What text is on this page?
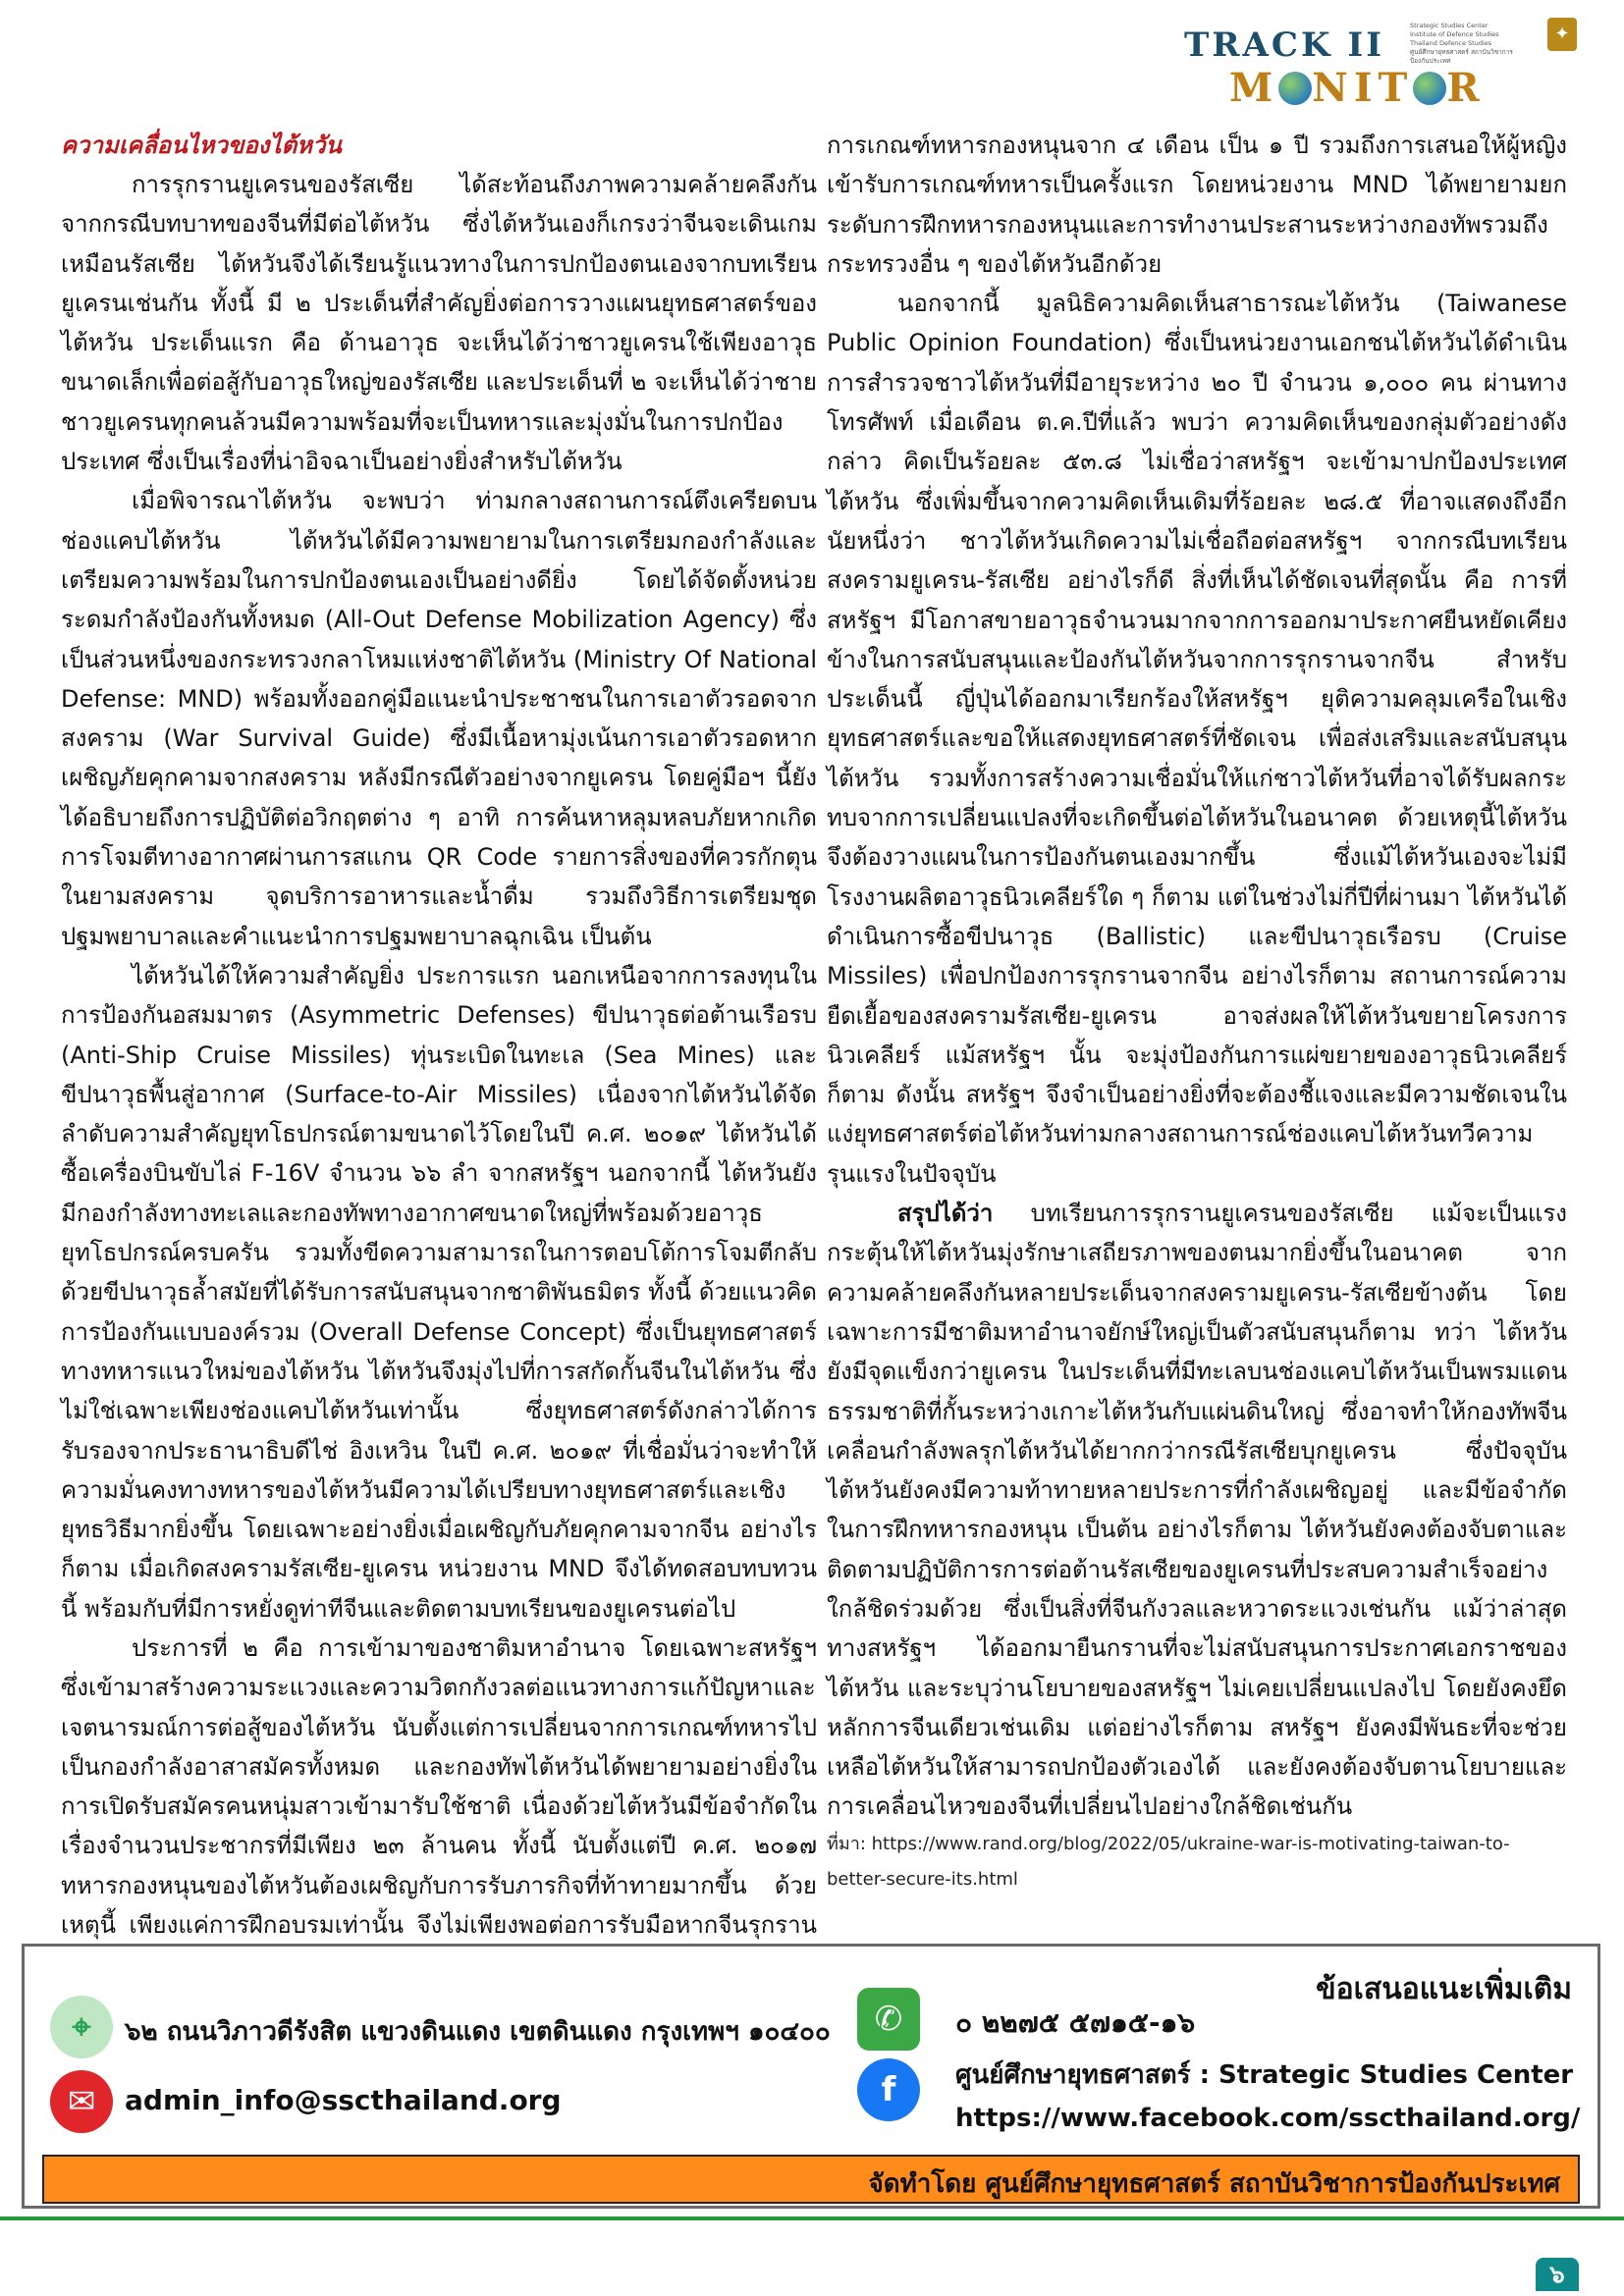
TRACK II
M NIT R
Strategic Studies Center
Institute of Defence Studies
Thailand Defence Studies
ศูนย์ศึกษายุทธศาสตร์ สถาบันวิชาการป้องกันประเทศ
✦
ความเคลื่อนไหวของไต้หวัน

การรุกรานยูเครนของรัสเซีย ได้สะท้อนถึงภาพความคล้ายคลึงกันจากกรณีบทบาทของจีนที่มีต่อไต้หวัน ซึ่งไต้หวันเองก็เกรงว่าจีนจะเดินเกมเหมือนรัสเซีย ไต้หวันจึงได้เรียนรู้แนวทางในการปกป้องตนเองจากบทเรียนยูเครนเช่นกัน ทั้งนี้ มี ๒ ประเด็นที่สำคัญยิ่งต่อการวางแผนยุทธศาสตร์ของไต้หวัน ประเด็นแรก คือ ด้านอาวุธ จะเห็นได้ว่าชาวยูเครนใช้เพียงอาวุธขนาดเล็กเพื่อต่อสู้กับอาวุธใหญ่ของรัสเซีย และประเด็นที่ ๒ จะเห็นได้ว่าชายชาวยูเครนทุกคนล้วนมีความพร้อมที่จะเป็นทหารและมุ่งมั่นในการปกป้องประเทศ ซึ่งเป็นเรื่องที่น่าอิจฉาเป็นอย่างยิ่งสำหรับไต้หวัน

เมื่อพิจารณาไต้หวัน จะพบว่า ท่ามกลางสถานการณ์ตึงเครียดบนช่องแคบไต้หวัน ไต้หวันได้มีความพยายามในการเตรียมกองกำลังและเตรียมความพร้อมในการปกป้องตนเองเป็นอย่างดียิ่ง โดยได้จัดตั้งหน่วยระดมกำลังป้องกันทั้งหมด (All-Out Defense Mobilization Agency) ซึ่งเป็นส่วนหนึ่งของกระทรวงกลาโหมแห่งชาติไต้หวัน (Ministry Of National Defense: MND) พร้อมทั้งออกคู่มือแนะนำประชาชนในการเอาตัวรอดจากสงคราม (War Survival Guide) ซึ่งมีเนื้อหามุ่งเน้นการเอาตัวรอดหากเผชิญภัยคุกคามจากสงคราม หลังมีกรณีตัวอย่างจากยูเครน โดยคู่มือฯ นี้ยังได้อธิบายถึงการปฏิบัติต่อวิกฤตต่าง ๆ อาทิ การค้นหาหลุมหลบภัยหากเกิดการโจมตีทางอากาศผ่านการสแกน QR Code รายการสิ่งของที่ควรกักตุนในยามสงคราม จุดบริการอาหารและน้ำดื่ม รวมถึงวิธีการเตรียมชุดปฐมพยาบาลและคำแนะนำการปฐมพยาบาลฉุกเฉิน เป็นต้น

ไต้หวันได้ให้ความสำคัญยิ่ง ประการแรก นอกเหนือจากการลงทุนในการป้องกันอสมมาตร (Asymmetric Defenses) ขีปนาวุธต่อต้านเรือรบ (Anti-Ship Cruise Missiles) ทุ่นระเบิดในทะเล (Sea Mines) และขีปนาวุธพื้นสู่อากาศ (Surface-to-Air Missiles) เนื่องจากไต้หวันได้จัดลำดับความสำคัญยุทโธปกรณ์ตามขนาดไว้โดยในปี ค.ศ. ๒๐๑๙ ไต้หวันได้ซื้อเครื่องบินขับไล่ F-16V จำนวน ๖๖ ลำ จากสหรัฐฯ นอกจากนี้ ไต้หวันยังมีกองกำลังทางทะเลและกองทัพทางอากาศขนาดใหญ่ที่พร้อมด้วยอาวุธยุทโธปกรณ์ครบครัน รวมทั้งขีดความสามารถในการตอบโต้การโจมตีกลับด้วยขีปนาวุธล้ำสมัยที่ได้รับการสนับสนุนจากชาติพันธมิตร ทั้งนี้ ด้วยแนวคิดการป้องกันแบบองค์รวม (Overall Defense Concept) ซึ่งเป็นยุทธศาสตร์ทางทหารแนวใหม่ของไต้หวัน ไต้หวันจึงมุ่งไปที่การสกัดกั้นจีนในไต้หวัน ซึ่งไม่ใช่เฉพาะเพียงช่องแคบไต้หวันเท่านั้น ซึ่งยุทธศาสตร์ดังกล่าวได้การรับรองจากประธานาธิบดีไช่ อิงเหวิน ในปี ค.ศ. ๒๐๑๙ ที่เชื่อมั่นว่าจะทำให้ความมั่นคงทางทหารของไต้หวันมีความได้เปรียบทางยุทธศาสตร์และเชิงยุทธวิธีมากยิ่งขึ้น โดยเฉพาะอย่างยิ่งเมื่อเผชิญกับภัยคุกคามจากจีน อย่างไรก็ตาม เมื่อเกิดสงครามรัสเซีย-ยูเครน หน่วยงาน MND จึงได้ทดสอบทบทวนนี้ พร้อมกับที่มีการหยั่งดูท่าทีจีนและติดตามบทเรียนของยูเครนต่อไป

ประการที่ ๒ คือ การเข้ามาของชาติมหาอำนาจ โดยเฉพาะสหรัฐฯ ซึ่งเข้ามาสร้างความระแวงและความวิตกกังวลต่อแนวทางการแก้ปัญหาและเจตนารมณ์การต่อสู้ของไต้หวัน นับตั้งแต่การเปลี่ยนจากการเกณฑ์ทหารไปเป็นกองกำลังอาสาสมัครทั้งหมด และกองทัพไต้หวันได้พยายามอย่างยิ่งในการเปิดรับสมัครคนหนุ่มสาวเข้ามารับใช้ชาติ เนื่องด้วยไต้หวันมีข้อจำกัดในเรื่องจำนวนประชากรที่มีเพียง ๒๓ ล้านคน ทั้งนี้ นับตั้งแต่ปี ค.ศ. ๒๐๑๗ ทหารกองหนุนของไต้หวันต้องเผชิญกับการรับภารกิจที่ท้าทายมากขึ้น ด้วยเหตุนี้ เพียงแค่การฝึกอบรมเท่านั้น จึงไม่เพียงพอต่อการรับมือหากจีนรุกราน

การเกณฑ์ทหารกองหนุนจาก ๔ เดือน เป็น ๑ ปี รวมถึงการเสนอให้ผู้หญิงเข้ารับการเกณฑ์ทหารเป็นครั้งแรก โดยหน่วยงาน MND ได้พยายามยกระดับการฝึกทหารกองหนุนและการทำงานประสานระหว่างกองทัพรวมถึงกระทรวงอื่น ๆ ของไต้หวันอีกด้วย

นอกจากนี้ มูลนิธิความคิดเห็นสาธารณะไต้หวัน (Taiwanese Public Opinion Foundation) ซึ่งเป็นหน่วยงานเอกชนไต้หวันได้ดำเนินการสำรวจชาวไต้หวันที่มีอายุระหว่าง ๒๐ ปี จำนวน ๑,๐๐๐ คน ผ่านทางโทรศัพท์ เมื่อเดือน ต.ค.ปีที่แล้ว พบว่า ความคิดเห็นของกลุ่มตัวอย่างดังกล่าว คิดเป็นร้อยละ ๕๓.๘ ไม่เชื่อว่าสหรัฐฯ จะเข้ามาปกป้องประเทศไต้หวัน ซึ่งเพิ่มขึ้นจากความคิดเห็นเดิมที่ร้อยละ ๒๘.๕ ที่อาจแสดงถึงอีกนัยหนึ่งว่า ชาวไต้หวันเกิดความไม่เชื่อถือต่อสหรัฐฯ จากกรณีบทเรียนสงครามยูเครน-รัสเซีย อย่างไรก็ดี สิ่งที่เห็นได้ชัดเจนที่สุดนั้น คือ การที่สหรัฐฯ มีโอกาสขายอาวุธจำนวนมากจากการออกมาประกาศยืนหยัดเคียงข้างในการสนับสนุนและป้องกันไต้หวันจากการรุกรานจากจีน สำหรับประเด็นนี้ ญี่ปุ่นได้ออกมาเรียกร้องให้สหรัฐฯ ยุติความคลุมเครือในเชิงยุทธศาสตร์และขอให้แสดงยุทธศาสตร์ที่ชัดเจน เพื่อส่งเสริมและสนับสนุนไต้หวัน รวมทั้งการสร้างความเชื่อมั่นให้แก่ชาวไต้หวันที่อาจได้รับผลกระทบจากการเปลี่ยนแปลงที่จะเกิดขึ้นต่อไต้หวันในอนาคต ด้วยเหตุนี้ไต้หวันจึงต้องวางแผนในการป้องกันตนเองมากขึ้น ซึ่งแม้ไต้หวันเองจะไม่มีโรงงานผลิตอาวุธนิวเคลียร์ใด ๆ ก็ตาม แต่ในช่วงไม่กี่ปีที่ผ่านมา ไต้หวันได้ดำเนินการซื้อขีปนาวุธ (Ballistic) และขีปนาวุธเรือรบ (Cruise Missiles) เพื่อปกป้องการรุกรานจากจีน อย่างไรก็ตาม สถานการณ์ความยืดเยื้อของสงครามรัสเซีย-ยูเครน อาจส่งผลให้ไต้หวันขยายโครงการนิวเคลียร์ แม้สหรัฐฯ นั้น จะมุ่งป้องกันการแผ่ขยายของอาวุธนิวเคลียร์ก็ตาม ดังนั้น สหรัฐฯ จึงจำเป็นอย่างยิ่งที่จะต้องชี้แจงและมีความชัดเจนในแง่ยุทธศาสตร์ต่อไต้หวันท่ามกลางสถานการณ์ช่องแคบไต้หวันทวีความรุนแรงในปัจจุบัน

สรุปได้ว่า บทเรียนการรุกรานยูเครนของรัสเซีย แม้จะเป็นแรงกระตุ้นให้ไต้หวันมุ่งรักษาเสถียรภาพของตนมากยิ่งขึ้นในอนาคต จากความคล้ายคลึงกันหลายประเด็นจากสงครามยูเครน-รัสเซียข้างต้น โดยเฉพาะการมีชาติมหาอำนาจยักษ์ใหญ่เป็นตัวสนับสนุนก็ตาม ทว่า ไต้หวันยังมีจุดแข็งกว่ายูเครน ในประเด็นที่มีทะเลบนช่องแคบไต้หวันเป็นพรมแดนธรรมชาติที่กั้นระหว่างเกาะไต้หวันกับแผ่นดินใหญ่ ซึ่งอาจทำให้กองทัพจีนเคลื่อนกำลังพลรุกไต้หวันได้ยากกว่ากรณีรัสเซียบุกยูเครน ซึ่งปัจจุบันไต้หวันยังคงมีความท้าทายหลายประการที่กำลังเผชิญอยู่ และมีข้อจำกัดในการฝึกทหารกองหนุน เป็นต้น อย่างไรก็ตาม ไต้หวันยังคงต้องจับตาและติดตามปฏิบัติการการต่อต้านรัสเซียของยูเครนที่ประสบความสำเร็จอย่างใกล้ชิดร่วมด้วย ซึ่งเป็นสิ่งที่จีนกังวลและหวาดระแวงเช่นกัน แม้ว่าล่าสุดทางสหรัฐฯ ได้ออกมายืนกรานที่จะไม่สนับสนุนการประกาศเอกราชของไต้หวัน และระบุว่านโยบายของสหรัฐฯ ไม่เคยเปลี่ยนแปลงไป โดยยังคงยึดหลักการจีนเดียวเช่นเดิม แต่อย่างไรก็ตาม สหรัฐฯ ยังคงมีพันธะที่จะช่วยเหลือไต้หวันให้สามารถปกป้องตัวเองได้ และยังคงต้องจับตานโยบายและการเคลื่อนไหวของจีนที่เปลี่ยนไปอย่างใกล้ชิดเช่นกัน

ที่มา: https://www.rand.org/blog/2022/05/ukraine-war-is-motivating-taiwan-to-better-secure-its.html

ข้อเสนอแนะเพิ่มเติม
⌖	๖๒ ถนนวิภาวดีรังสิต แขวงดินแดง เขตดินแดง กรุงเทพฯ ๑๐๔๐๐
✉	admin_info@sscthailand.org
✆	๐ ๒๒๗๕ ๕๗๑๕-๑๖
f	ศูนย์ศึกษายุทธศาสตร์ : Strategic Studies Center
https://www.facebook.com/sscthailand.org/
จัดทำโดย ศูนย์ศึกษายุทธศาสตร์ สถาบันวิชาการป้องกันประเทศ
๖
